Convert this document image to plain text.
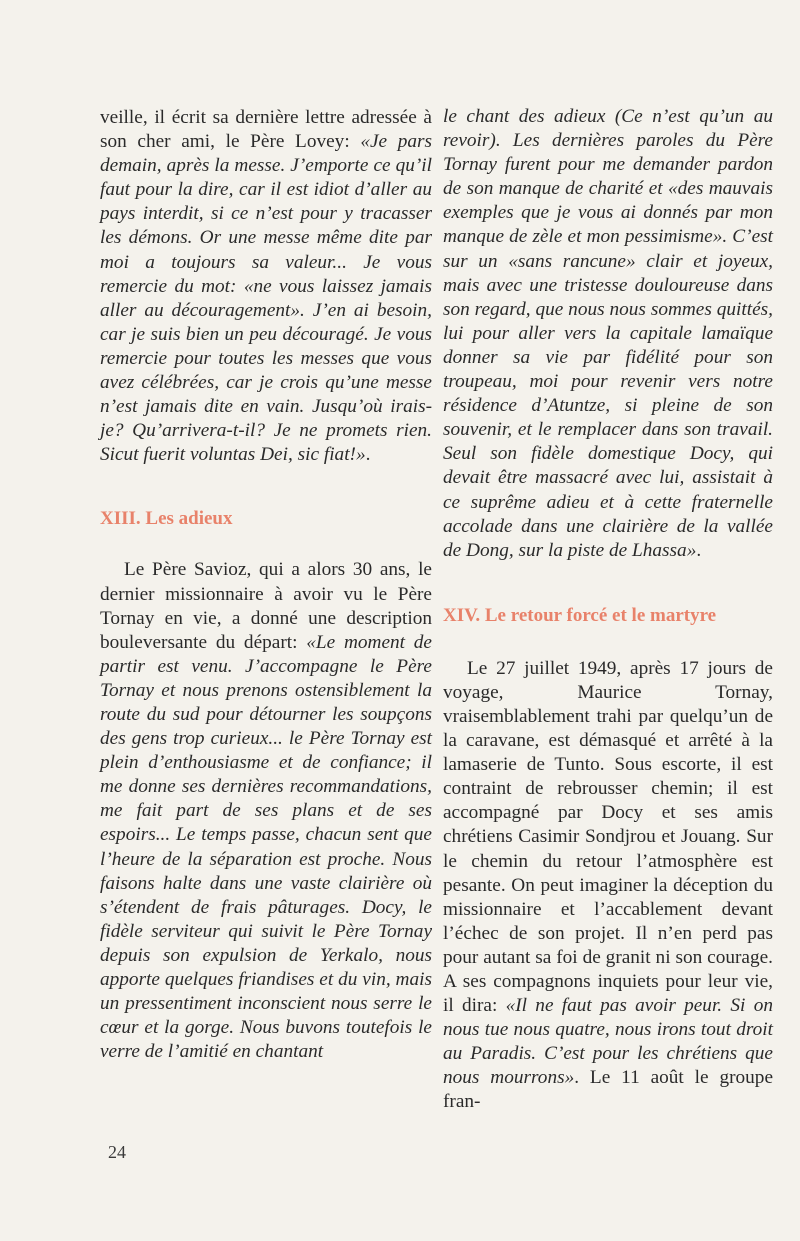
veille, il écrit sa dernière lettre adressée à son cher ami, le Père Lovey: «Je pars demain, après la messe. J’emporte ce qu’il faut pour la dire, car il est idiot d’aller au pays interdit, si ce n’est pour y tracasser les démons. Or une messe même dite par moi a toujours sa valeur... Je vous remercie du mot: «ne vous laissez jamais aller au découragement». J’en ai besoin, car je suis bien un peu découragé. Je vous remercie pour toutes les messes que vous avez célébrées, car je crois qu’une messe n’est jamais dite en vain. Jusqu’où irais-je? Qu’arrivera-t-il? Je ne promets rien. Sicut fuerit voluntas Dei, sic fiat!».

XIII. Les adieux

Le Père Savioz, qui a alors 30 ans, le dernier missionnaire à avoir vu le Père Tornay en vie, a donné une description bouleversante du départ: «Le moment de partir est venu. J’accompagne le Père Tornay et nous prenons ostensiblement la route du sud pour détourner les soupçons des gens trop curieux... le Père Tornay est plein d’enthousiasme et de confiance; il me donne ses dernières recommandations, me fait part de ses plans et de ses espoirs... Le temps passe, chacun sent que l’heure de la séparation est proche. Nous faisons halte dans une vaste clairière où s’étendent de frais pâturages. Docy, le fidèle serviteur qui suivit le Père Tornay depuis son expulsion de Yerkalo, nous apporte quelques friandises et du vin, mais un pressentiment inconscient nous serre le cœur et la gorge. Nous buvons toutefois le verre de l’amitié en chantant

le chant des adieux (Ce n’est qu’un au revoir). Les dernières paroles du Père Tornay furent pour me demander pardon de son manque de charité et «des mauvais exemples que je vous ai donnés par mon manque de zèle et mon pessimisme». C’est sur un «sans rancune» clair et joyeux, mais avec une tristesse douloureuse dans son regard, que nous nous sommes quittés, lui pour aller vers la capitale lamaïque donner sa vie par fidélité pour son troupeau, moi pour revenir vers notre résidence d’Atuntze, si pleine de son souvenir, et le remplacer dans son travail. Seul son fidèle domestique Docy, qui devait être massacré avec lui, assistait à ce suprême adieu et à cette fraternelle accolade dans une clairière de la vallée de Dong, sur la piste de Lhassa».

XIV. Le retour forcé et le martyre

Le 27 juillet 1949, après 17 jours de voyage, Maurice Tornay, vraisemblablement trahi par quelqu’un de la caravane, est démasqué et arrêté à la lamaserie de Tunto. Sous escorte, il est contraint de rebrousser chemin; il est accompagné par Docy et ses amis chrétiens Casimir Sondjrou et Jouang. Sur le chemin du retour l’atmosphère est pesante. On peut imaginer la déception du missionnaire et l’accablement devant l’échec de son projet. Il n’en perd pas pour autant sa foi de granit ni son courage. A ses compagnons inquiets pour leur vie, il dira: «Il ne faut pas avoir peur. Si on nous tue nous quatre, nous irons tout droit au Paradis. C’est pour les chrétiens que nous mourrons». Le 11 août le groupe fran-

24
